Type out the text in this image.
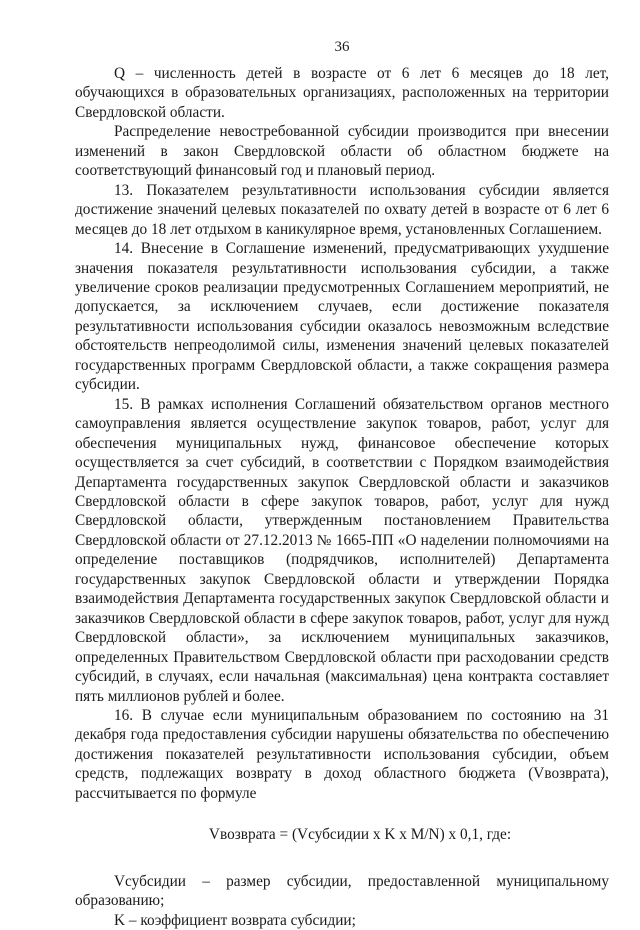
36

Q – численность детей в возрасте от 6 лет 6 месяцев до 18 лет, обучающихся в образовательных организациях, расположенных на территории Свердловской области.

Распределение невостребованной субсидии производится при внесении изменений в закон Свердловской области об областном бюджете на соответствующий финансовый год и плановый период.

13. Показателем результативности использования субсидии является достижение значений целевых показателей по охвату детей в возрасте от 6 лет 6 месяцев до 18 лет отдыхом в каникулярное время, установленных Соглашением.

14. Внесение в Соглашение изменений, предусматривающих ухудшение значения показателя результативности использования субсидии, а также увеличение сроков реализации предусмотренных Соглашением мероприятий, не допускается, за исключением случаев, если достижение показателя результативности использования субсидии оказалось невозможным вследствие обстоятельств непреодолимой силы, изменения значений целевых показателей государственных программ Свердловской области, а также сокращения размера субсидии.

15. В рамках исполнения Соглашений обязательством органов местного самоуправления является осуществление закупок товаров, работ, услуг для обеспечения муниципальных нужд, финансовое обеспечение которых осуществляется за счет субсидий, в соответствии с Порядком взаимодействия Департамента государственных закупок Свердловской области и заказчиков Свердловской области в сфере закупок товаров, работ, услуг для нужд Свердловской области, утвержденным постановлением Правительства Свердловской области от 27.12.2013 № 1665-ПП «О наделении полномочиями на определение поставщиков (подрядчиков, исполнителей) Департамента государственных закупок Свердловской области и утверждении Порядка взаимодействия Департамента государственных закупок Свердловской области и заказчиков Свердловской области в сфере закупок товаров, работ, услуг для нужд Свердловской области», за исключением муниципальных заказчиков, определенных Правительством Свердловской области при расходовании средств субсидий, в случаях, если начальная (максимальная) цена контракта составляет пять миллионов рублей и более.

16. В случае если муниципальным образованием по состоянию на 31 декабря года предоставления субсидии нарушены обязательства по обеспечению достижения показателей результативности использования субсидии, объем средств, подлежащих возврату в доход областного бюджета (Vвозврата), рассчитывается по формуле

Vвозврата = (Vсубсидии х K х M/N) х 0,1, где:

Vсубсидии – размер субсидии, предоставленной муниципальному образованию;

K – коэффициент возврата субсидии;
